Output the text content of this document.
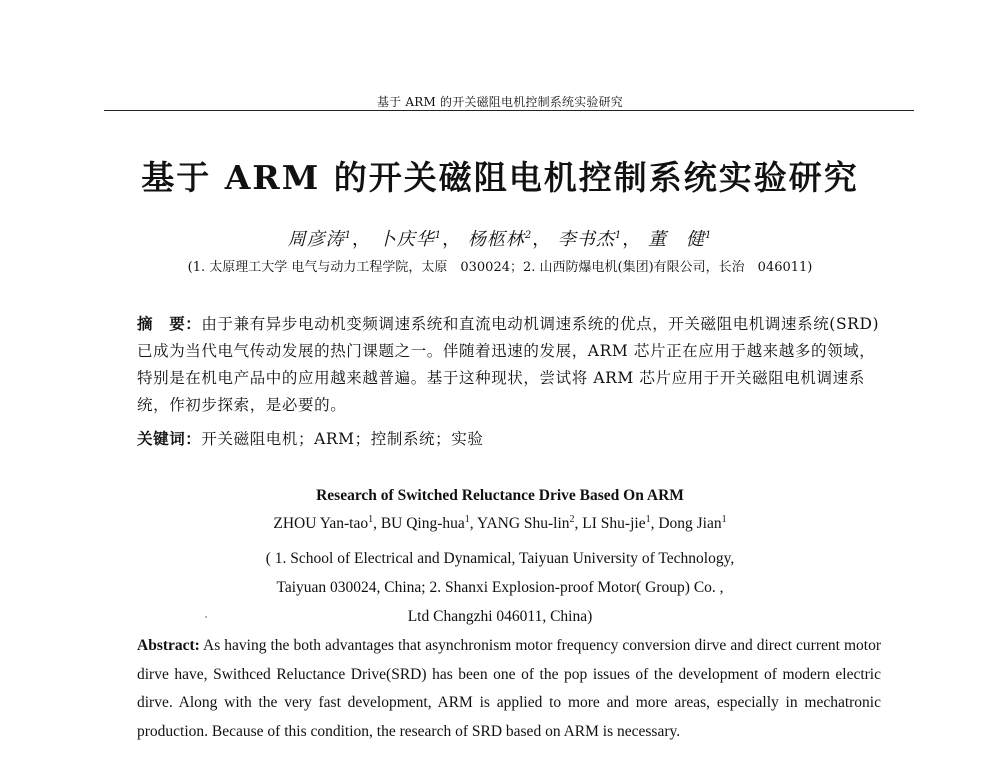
基于 ARM 的开关磁阻电机控制系统实验研究
基于 ARM 的开关磁阻电机控制系统实验研究
周彦涛$^1$， 卜庆华$^1$， 杨柩林$^2$， 李书杰$^1$， 董　健$^1$
(1. 太原理工大学 电气与动力工程学院，太原　030024；2. 山西防爆电机(集团)有限公司，长治　046011)
摘　要：由于兼有异步电动机变频调速系统和直流电动机调速系统的优点，开关磁阻电机调速系统(SRD)已成为当代电气传动发展的热门课题之一。伴随着迅速的发展，ARM 芯片正在应用于越来越多的领域，特别是在机电产品中的应用越来越普遍。基于这种现状，尝试将 ARM 芯片应用于开关磁阻电机调速系统，作初步探索，是必要的。
关键词：开关磁阻电机；ARM；控制系统；实验
Research of Switched Reluctance Drive Based On ARM
ZHOU Yan-tao$^1$, BU Qing-hua$^1$, YANG Shu-lin$^2$, LI Shu-jie$^1$, Dong Jian$^1$
( 1. School of Electrical and Dynamical, Taiyuan University of Technology,
Taiyuan 030024, China; 2. Shanxi Explosion-proof Motor( Group) Co. ,
Ltd Changzhi 046011, China)
Abstract: As having the both advantages that asynchronism motor frequency conversion dirve and direct current motor dirve have, Swithced Reluctance Drive(SRD) has been one of the pop issues of the development of modern electric dirve. Along with the very fast development, ARM is applied to more and more areas, especially in mechatronic production. Because of this condition, the research of SRD based on ARM is necessary.
